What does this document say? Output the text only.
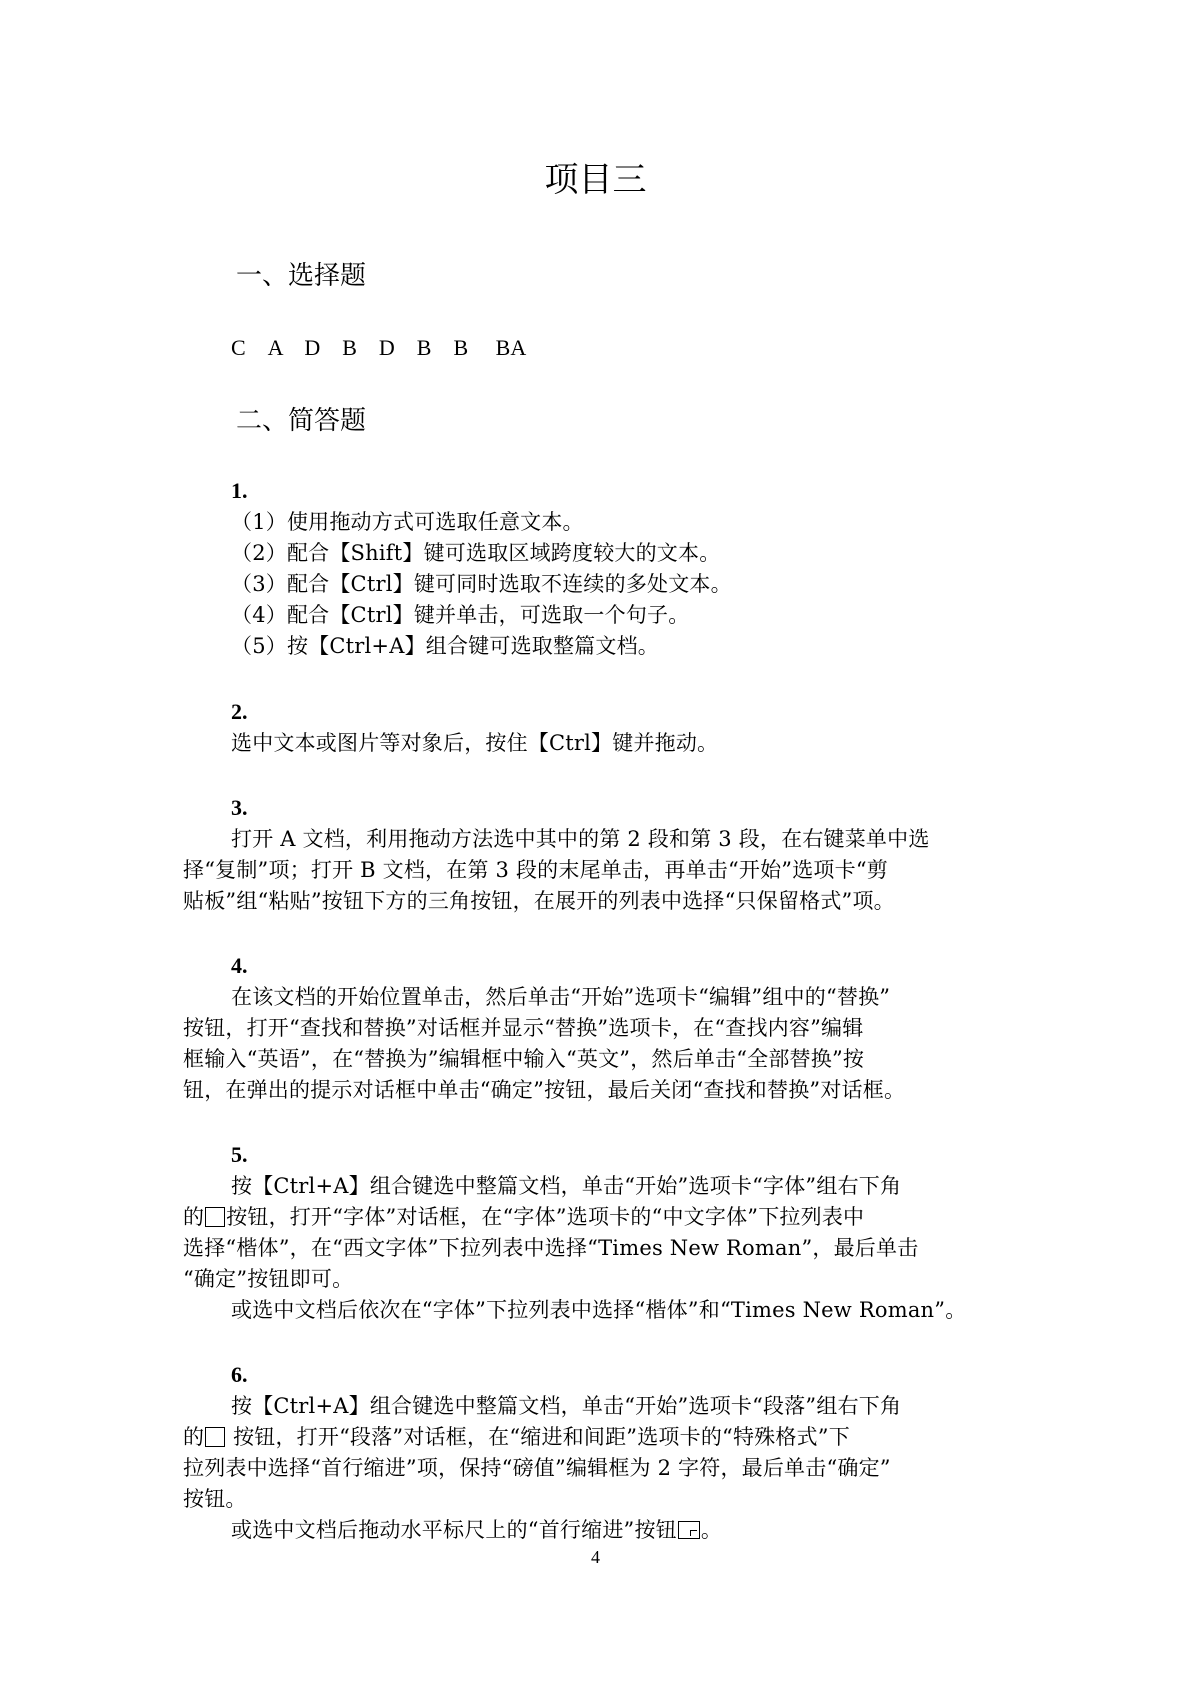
项目三
一、选择题

C　A　D　B　D　B　B　 BA

二、简答题

1.

（1）使用拖动方式可选取任意文本。

（2）配合【Shift】键可选取区域跨度较大的文本。

（3）配合【Ctrl】键可同时选取不连续的多处文本。

（4）配合【Ctrl】键并单击，可选取一个句子。

（5）按【Ctrl+A】组合键可选取整篇文档。

2.

选中文本或图片等对象后，按住【Ctrl】键并拖动。

3.

打开 A 文档，利用拖动方法选中其中的第 2 段和第 3 段，在右键菜单中选

择“复制”项；打开 B 文档，在第 3 段的末尾单击，再单击“开始”选项卡“剪

贴板”组“粘贴”按钮下方的三角按钮，在展开的列表中选择“只保留格式”项。

4.

在该文档的开始位置单击，然后单击“开始”选项卡“编辑”组中的“替换”

按钮，打开“查找和替换”对话框并显示“替换”选项卡，在“查找内容”编辑

框输入“英语”，在“替换为”编辑框中输入“英文”，然后单击“全部替换”按

钮，在弹出的提示对话框中单击“确定”按钮，最后关闭“查找和替换”对话框。

5.

按【Ctrl+A】组合键选中整篇文档，单击“开始”选项卡“字体”组右下角

的 按钮，打开“字体”对话框，在“字体”选项卡的“中文字体”下拉列表中

选择“楷体”，在“西文字体”下拉列表中选择“Times New Roman”，最后单击

“确定”按钮即可。

或选中文档后依次在“字体”下拉列表中选择“楷体”和“Times New Roman”。

6.

按【Ctrl+A】组合键选中整篇文档，单击“开始”选项卡“段落”组右下角

的 按钮，打开“段落”对话框，在“缩进和间距”选项卡的“特殊格式”下

拉列表中选择“首行缩进”项，保持“磅值”编辑框为 2 字符，最后单击“确定”

按钮。

或选中文档后拖动水平标尺上的“首行缩进”按钮 。

4
